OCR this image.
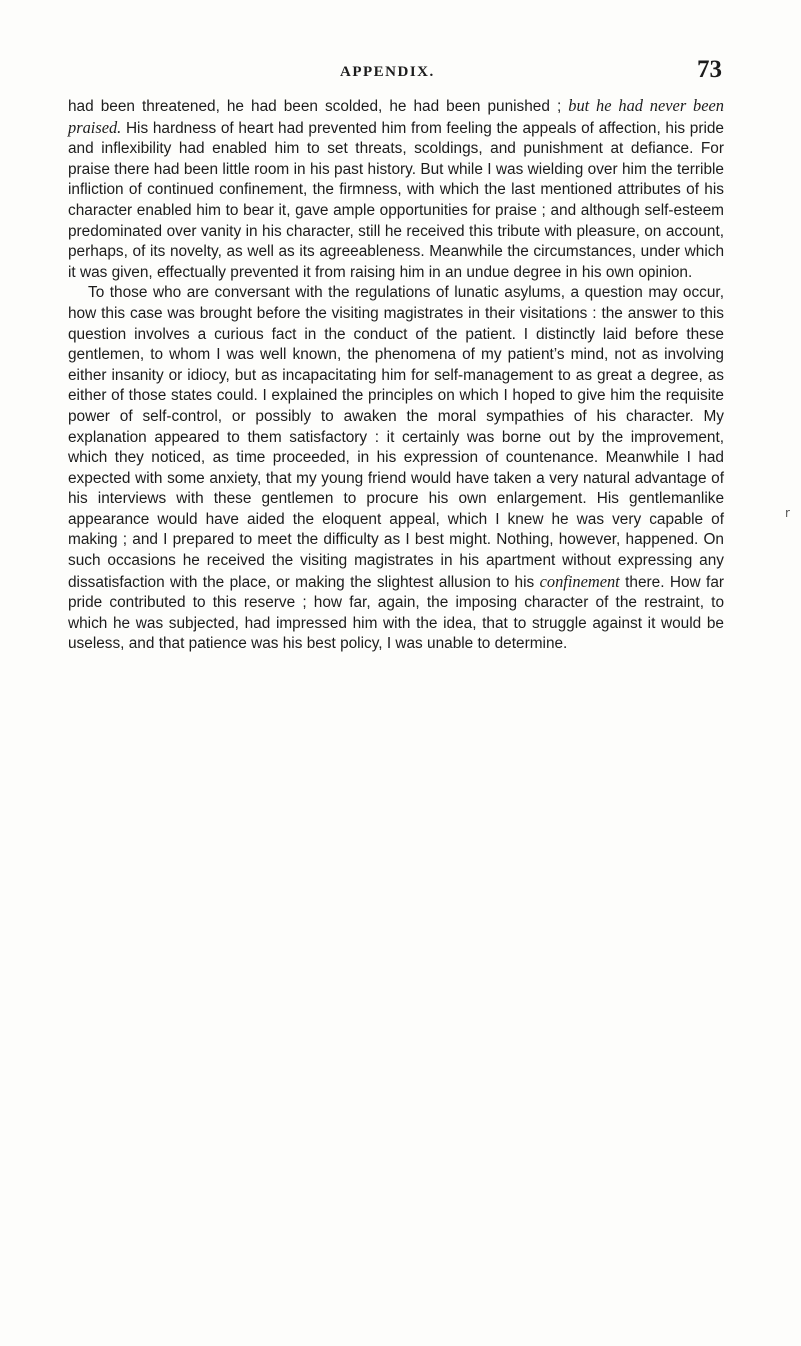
APPENDIX.	73

had been threatened, he had been scolded, he had been punished ; but he had never been praised. His hardness of heart had prevented him from feeling the appeals of affection, his pride and inflexibility had enabled him to set threats, scoldings, and punishment at defiance. For praise there had been little room in his past history. But while I was wielding over him the terrible infliction of continued confinement, the firmness, with which the last mentioned attributes of his character enabled him to bear it, gave ample opportunities for praise ; and although self-esteem predominated over vanity in his character, still he received this tribute with pleasure, on account, perhaps, of its novelty, as well as its agreeableness. Meanwhile the circumstances, under which it was given, effectually prevented it from raising him in an undue degree in his own opinion.

To those who are conversant with the regulations of lunatic asylums, a question may occur, how this case was brought before the visiting magistrates in their visitations : the answer to this question involves a curious fact in the conduct of the patient. I distinctly laid before these gentlemen, to whom I was well known, the phenomena of my patient’s mind, not as involving either insanity or idiocy, but as incapacitating him for self-management to as great a degree, as either of those states could. I explained the principles on which I hoped to give him the requisite power of self-control, or possibly to awaken the moral sympathies of his character. My explanation appeared to them satisfactory : it certainly was borne out by the improvement, which they noticed, as time proceeded, in his expression of countenance. Meanwhile I had expected with some anxiety, that my young friend would have taken a very natural advantage of his interviews with these gentlemen to procure his own enlargement. His gentlemanlike appearance would have aided the eloquent appeal, which I knew he was very capable of making ; and I prepared to meet the difficulty as I best might. Nothing, however, happened. On such occasions he received the visiting magistrates in his apartment without expressing any dissatisfaction with the place, or making the slightest allusion to his confinement there. How far pride contributed to this reserve ; how far, again, the imposing character of the restraint, to which he was subjected, had impressed him with the idea, that to struggle against it would be useless, and that patience was his best policy, I was unable to determine.

r
